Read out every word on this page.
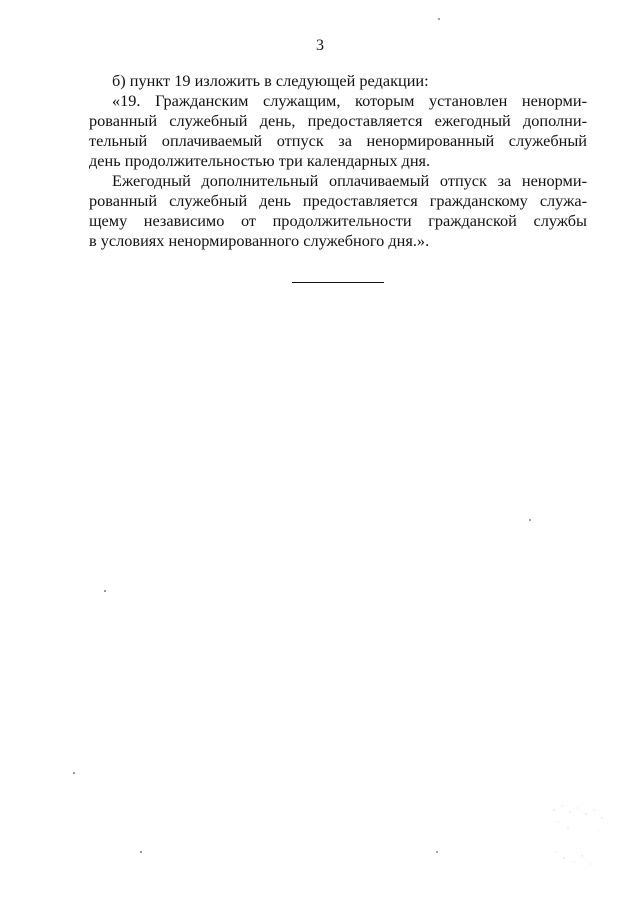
3

б) пункт 19 изложить в следующей редакции:

«19. Гражданским служащим, которым установлен ненорми-
рованный служебный день, предоставляется ежегодный дополни-
тельный оплачиваемый отпуск за ненормированный служебный
день продолжительностью три календарных дня.

Ежегодный дополнительный оплачиваемый отпуск за ненорми-
рованный служебный день предоставляется гражданскому служа-
щему независимо от продолжительности гражданской службы
в условиях ненормированного служебного дня.».
